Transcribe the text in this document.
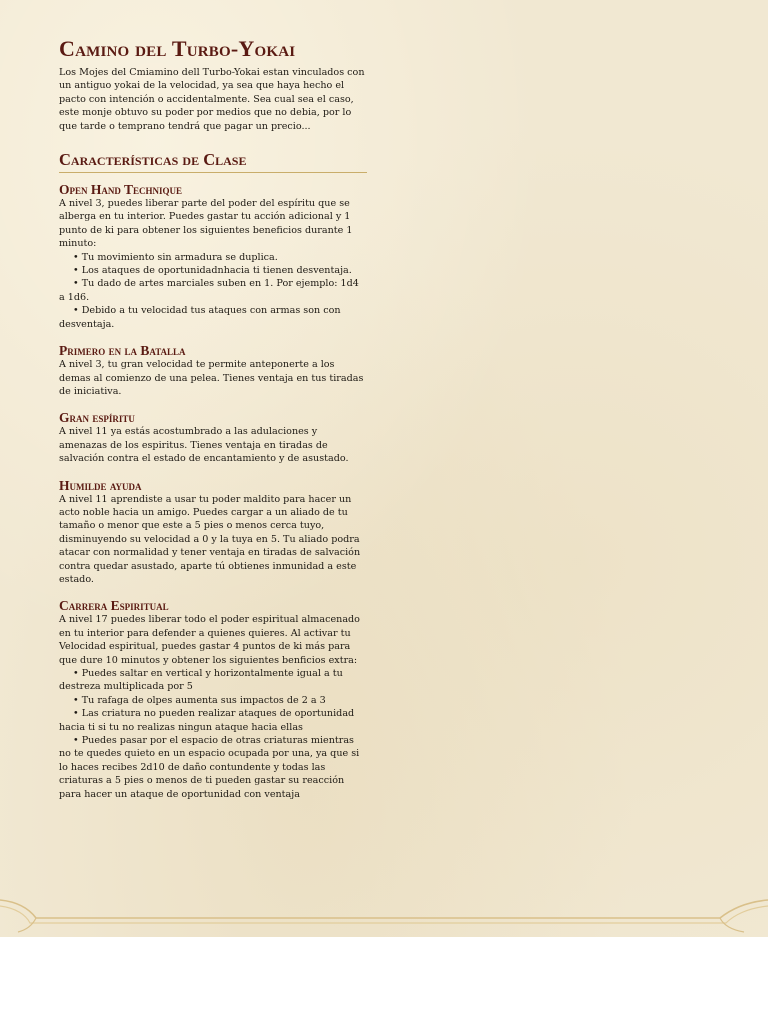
Camino del Turbo-Yokai

Los Mojes del Cmiamino dell Turbo-Yokai estan vinculados con un antiguo yokai de la velocidad, ya sea que haya hecho el pacto con intención o accidentalmente. Sea cual sea el caso, este monje obtuvo su poder por medios que no debia, por lo que tarde o temprano tendrá que pagar un precio...

Características de Clase
Open Hand Technique

A nivel 3, puedes liberar parte del poder del espíritu que se alberga en tu interior. Puedes gastar tu acción adicional y 1 punto de ki para obtener los siguientes beneficios durante 1 minuto:

• Tu movimiento sin armadura se duplica.

• Los ataques de oportunidadnhacia ti tienen desventaja.

• Tu dado de artes marciales suben en 1. Por ejemplo: 1d4 a 1d6.

• Debido a tu velocidad tus ataques con armas son con desventaja.

Primero en la Batalla

A nivel 3, tu gran velocidad te permite anteponerte a los demas al comienzo de una pelea. Tienes ventaja en tus tiradas de iniciativa.

Gran espíritu

A nivel 11 ya estás acostumbrado a las adulaciones y amenazas de los espiritus. Tienes ventaja en tiradas de salvación contra el estado de encantamiento y de asustado.

Humilde ayuda

A nivel 11 aprendiste a usar tu poder maldito para hacer un acto noble hacia un amigo. Puedes cargar a un aliado de tu tamaño o menor que este a 5 pies o menos cerca tuyo, disminuyendo su velocidad a 0 y la tuya en 5. Tu aliado podra atacar con normalidad y tener ventaja en tiradas de salvación contra quedar asustado, aparte tú obtienes inmunidad a este estado.

Carrera Espiritual

A nivel 17 puedes liberar todo el poder espiritual almacenado en tu interior para defender a quienes quieres. Al activar tu Velocidad espiritual, puedes gastar 4 puntos de ki más para que dure 10 minutos y obtener los siguientes benficios extra:

• Puedes saltar en vertical y horizontalmente igual a tu destreza multiplicada por 5

• Tu rafaga de olpes aumenta sus impactos de 2 a 3

• Las criatura no pueden realizar ataques de oportunidad hacia ti si tu no realizas ningun ataque hacia ellas

• Puedes pasar por el espacio de otras criaturas mientras no te quedes quieto en un espacio ocupada por una, ya que si lo haces recibes 2d10 de daño contundente y todas las criaturas a 5 pies o menos de ti pueden gastar su reacción para hacer un ataque de oportunidad con ventaja
